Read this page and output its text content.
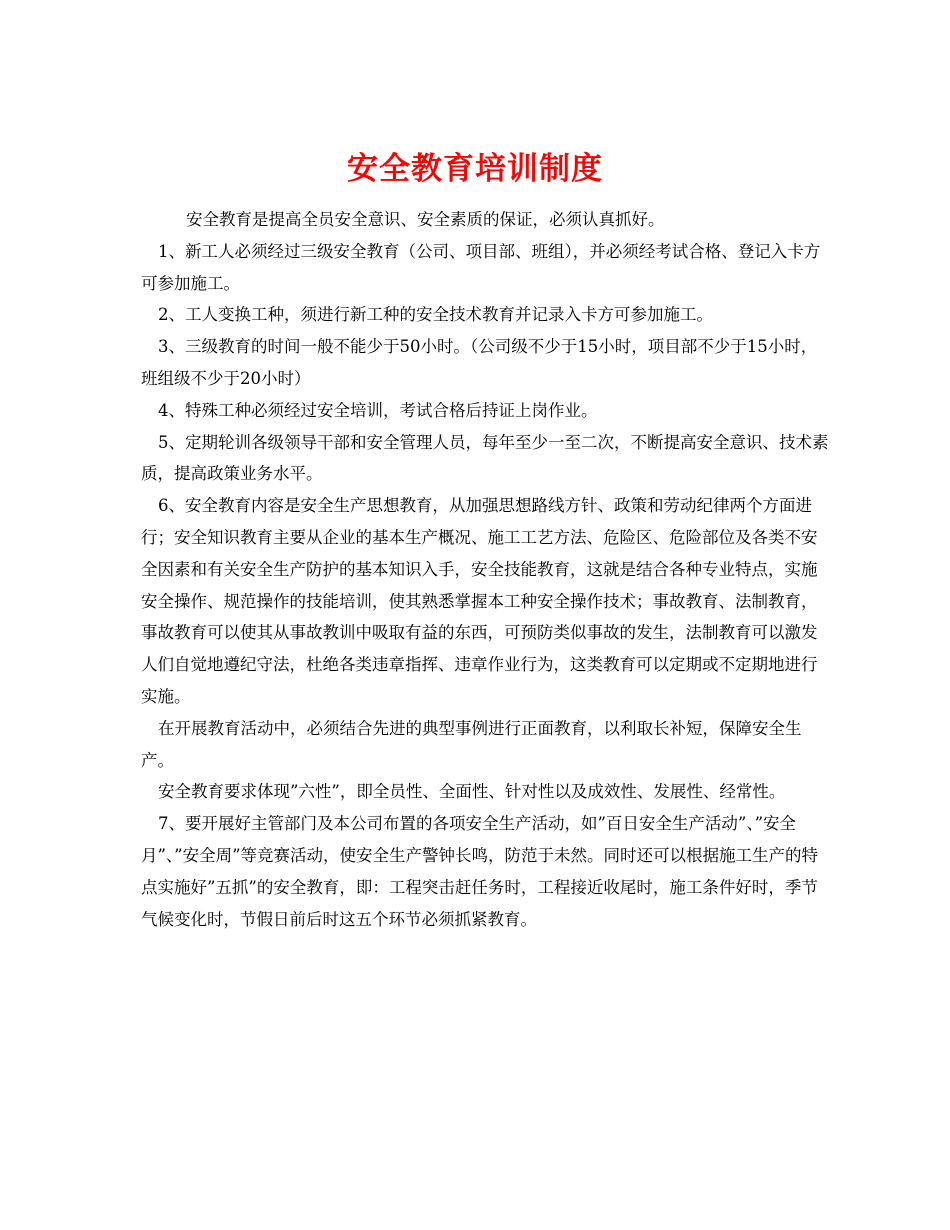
安全教育培训制度

安全教育是提高全员安全意识、安全素质的保证，必须认真抓好。

1、新工人必须经过三级安全教育（公司、项目部、班组），并必须经考试合格、登记入卡方可参加施工。

2、工人变换工种，须进行新工种的安全技术教育并记录入卡方可参加施工。

3、三级教育的时间一般不能少于50小时。（公司级不少于15小时，项目部不少于15小时，班组级不少于20小时）

4、特殊工种必须经过安全培训，考试合格后持证上岗作业。

5、定期轮训各级领导干部和安全管理人员，每年至少一至二次，不断提高安全意识、技术素质，提高政策业务水平。

6、安全教育内容是安全生产思想教育，从加强思想路线方针、政策和劳动纪律两个方面进行；安全知识教育主要从企业的基本生产概况、施工工艺方法、危险区、危险部位及各类不安全因素和有关安全生产防护的基本知识入手，安全技能教育，这就是结合各种专业特点，实施安全操作、规范操作的技能培训，使其熟悉掌握本工种安全操作技术；事故教育、法制教育，事故教育可以使其从事故教训中吸取有益的东西，可预防类似事故的发生，法制教育可以激发人们自觉地遵纪守法，杜绝各类违章指挥、违章作业行为，这类教育可以定期或不定期地进行实施。

在开展教育活动中，必须结合先进的典型事例进行正面教育，以利取长补短，保障安全生产。

安全教育要求体现”六性”，即全员性、全面性、针对性以及成效性、发展性、经常性。

7、要开展好主管部门及本公司布置的各项安全生产活动，如”百日安全生产活动”、”安全月”、”安全周”等竞赛活动，使安全生产警钟长鸣，防范于未然。同时还可以根据施工生产的特点实施好”五抓”的安全教育，即：工程突击赶任务时，工程接近收尾时，施工条件好时，季节气候变化时，节假日前后时这五个环节必须抓紧教育。
